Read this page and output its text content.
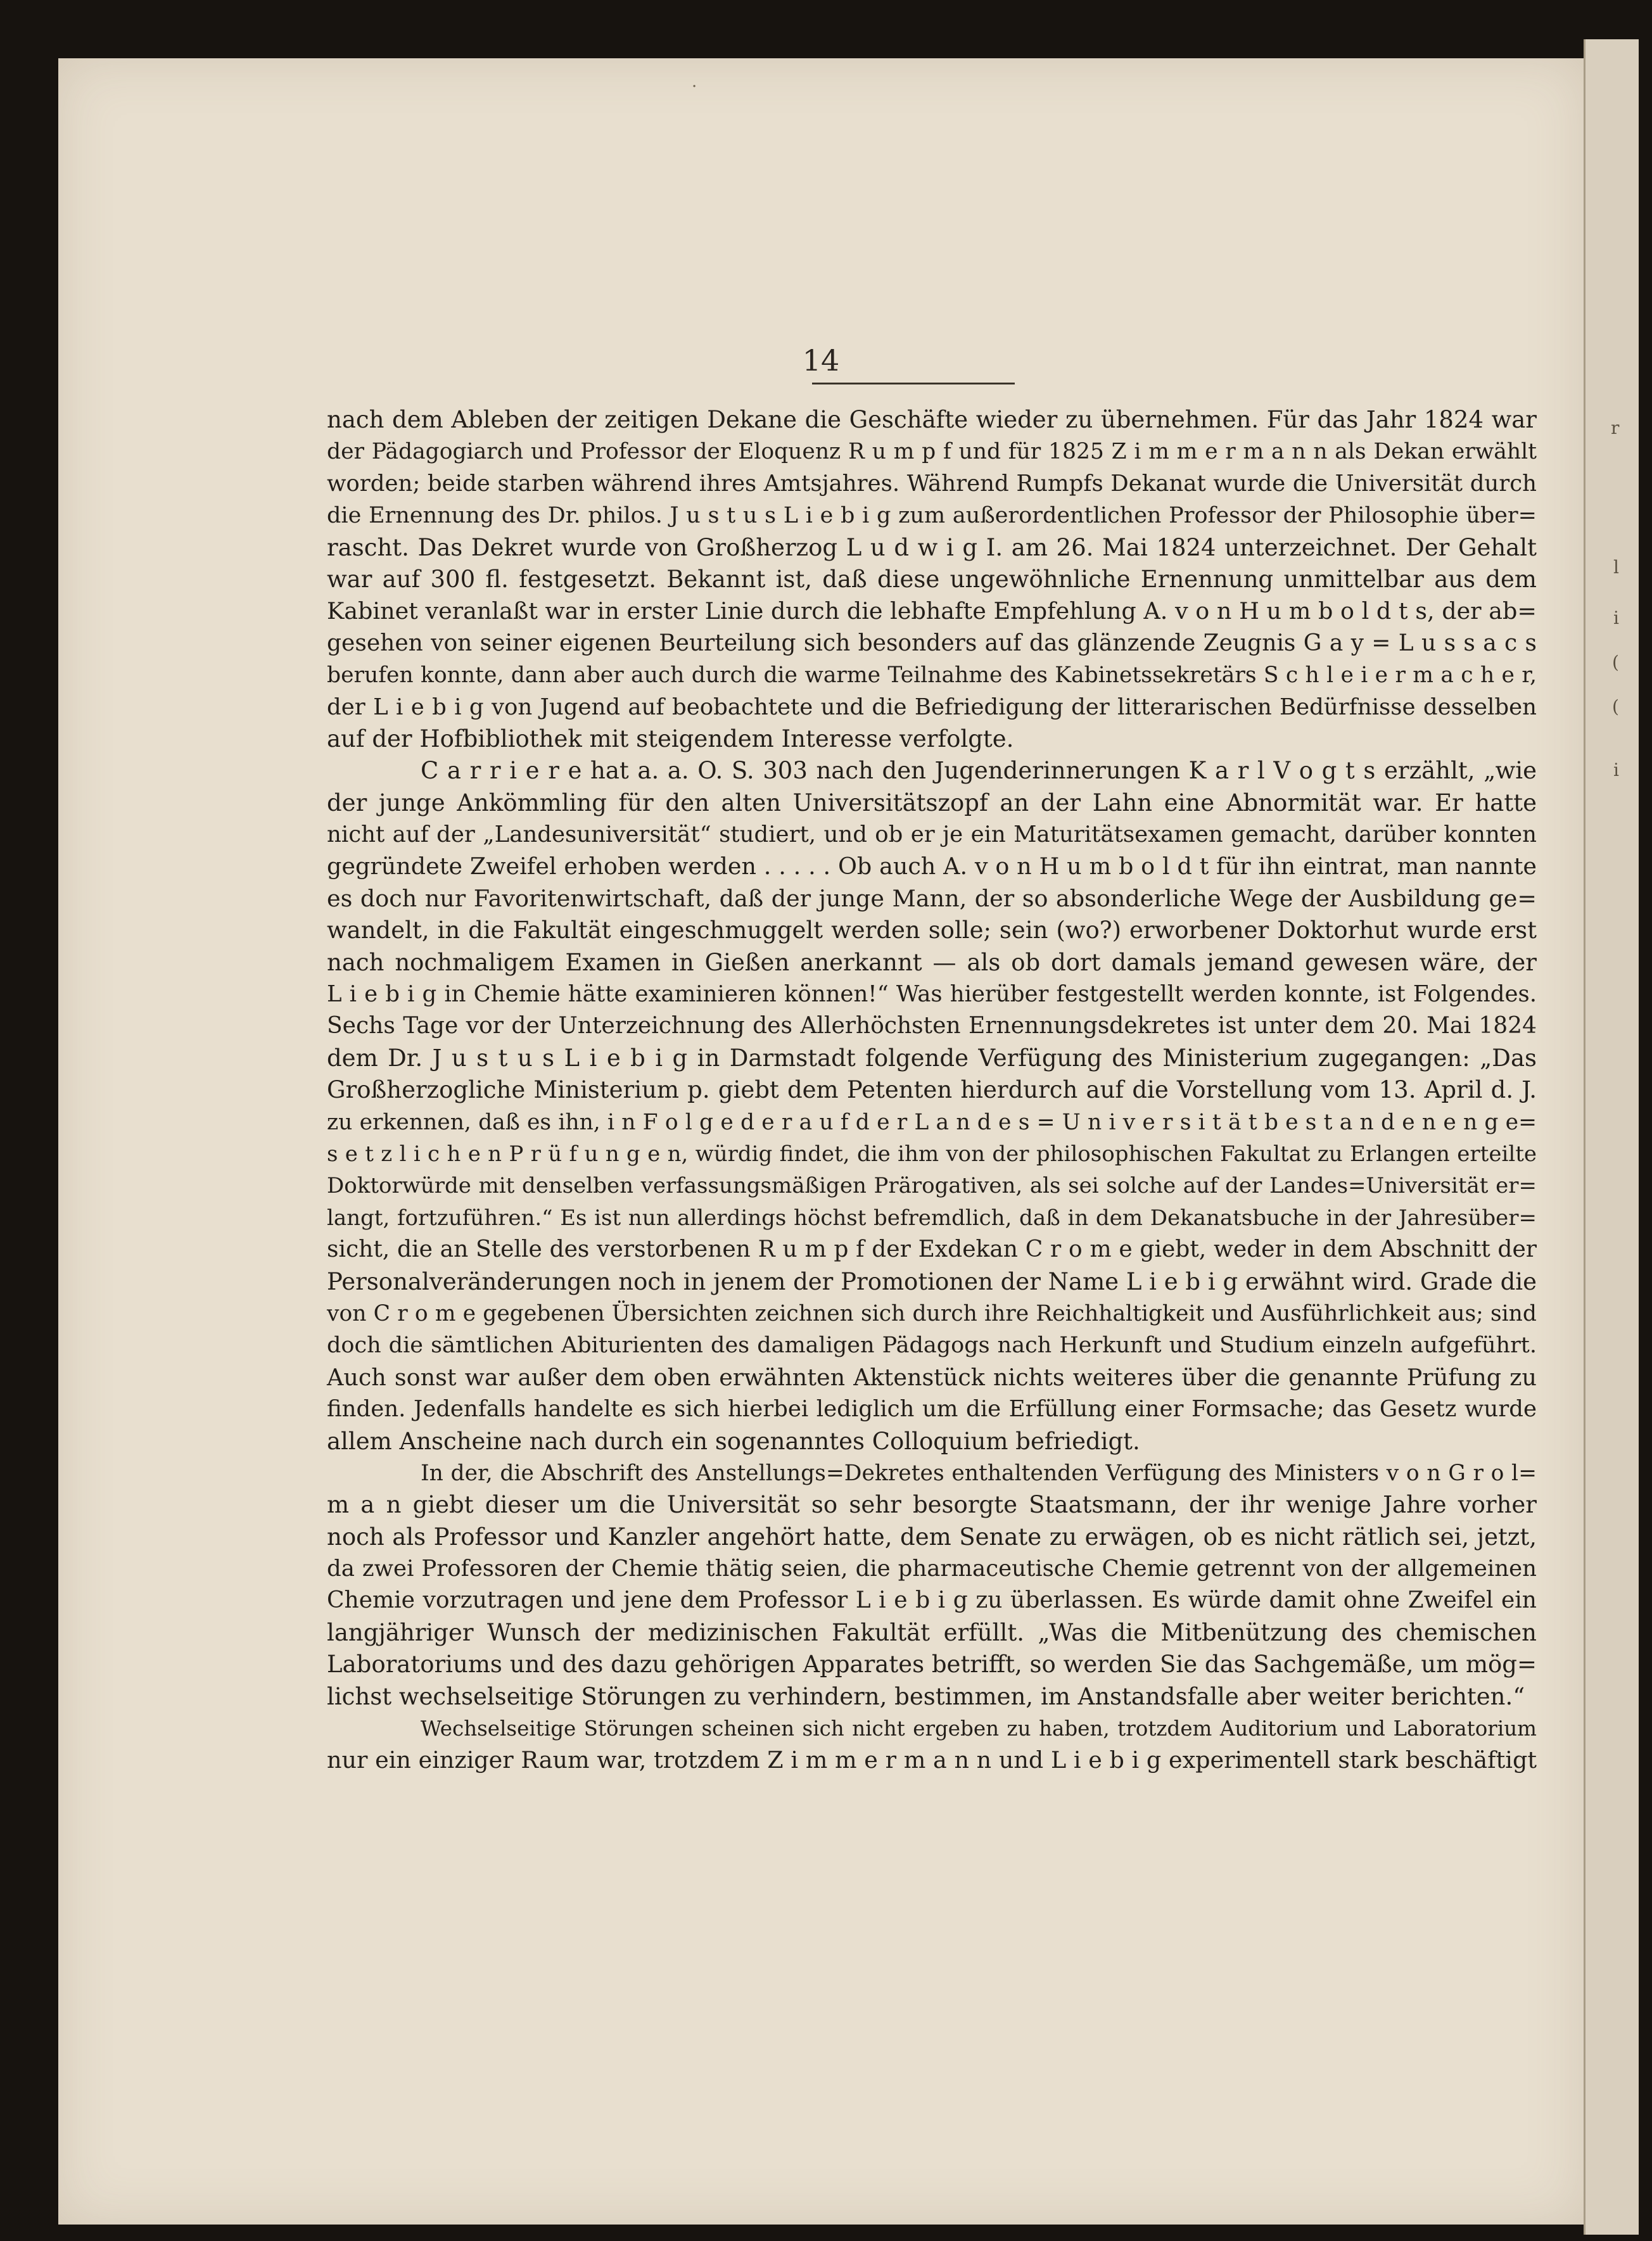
·
14
nach dem Ableben der zeitigen Dekane die Geschäfte wieder zu übernehmen. Für das Jahr 1824 war
der Pädagogiarch und Professor der Eloquenz R u m p f und für 1825 Z i m m e r m a n n als Dekan erwählt
worden; beide starben während ihres Amtsjahres. Während Rumpfs Dekanat wurde die Universität durch
die Ernennung des Dr. philos. J u s t u s L i e b i g zum außerordentlichen Professor der Philosophie über=
rascht. Das Dekret wurde von Großherzog L u d w i g I. am 26. Mai 1824 unterzeichnet. Der Gehalt
war auf 300 fl. festgesetzt. Bekannt ist, daß diese ungewöhnliche Ernennung unmittelbar aus dem
Kabinet veranlaßt war in erster Linie durch die lebhafte Empfehlung A. v o n H u m b o l d t s, der ab=
gesehen von seiner eigenen Beurteilung sich besonders auf das glänzende Zeugnis G a y = L u s s a c s
berufen konnte, dann aber auch durch die warme Teilnahme des Kabinetssekretärs S c h l e i e r m a c h e r,
der L i e b i g von Jugend auf beobachtete und die Befriedigung der litterarischen Bedürfnisse desselben
auf der Hofbibliothek mit steigendem Interesse verfolgte.
C a r r i e r e hat a. a. O. S. 303 nach den Jugenderinnerungen K a r l V o g t s erzählt, „wie
der junge Ankömmling für den alten Universitätszopf an der Lahn eine Abnormität war. Er hatte
nicht auf der „Landesuniversität“ studiert, und ob er je ein Maturitätsexamen gemacht, darüber konnten
gegründete Zweifel erhoben werden . . . . . Ob auch A. v o n H u m b o l d t für ihn eintrat, man nannte
es doch nur Favoritenwirtschaft, daß der junge Mann, der so absonderliche Wege der Ausbildung ge=
wandelt, in die Fakultät eingeschmuggelt werden solle; sein (wo?) erworbener Doktorhut wurde erst
nach nochmaligem Examen in Gießen anerkannt — als ob dort damals jemand gewesen wäre, der
L i e b i g in Chemie hätte examinieren können!“ Was hierüber festgestellt werden konnte, ist Folgendes.
Sechs Tage vor der Unterzeichnung des Allerhöchsten Ernennungsdekretes ist unter dem 20. Mai 1824
dem Dr. J u s t u s L i e b i g in Darmstadt folgende Verfügung des Ministerium zugegangen: „Das
Großherzogliche Ministerium p. giebt dem Petenten hierdurch auf die Vorstellung vom 13. April d. J.
zu erkennen, daß es ihn, i n F o l g e d e r a u f d e r L a n d e s = U n i v e r s i t ä t b e s t a n d e n e n g e=
s e t z l i c h e n P r ü f u n g e n, würdig findet, die ihm von der philosophischen Fakultat zu Erlangen erteilte
Doktorwürde mit denselben verfassungsmäßigen Prärogativen, als sei solche auf der Landes=Universität er=
langt, fortzuführen.“ Es ist nun allerdings höchst befremdlich, daß in dem Dekanatsbuche in der Jahresüber=
sicht, die an Stelle des verstorbenen R u m p f der Exdekan C r o m e giebt, weder in dem Abschnitt der
Personalveränderungen noch in jenem der Promotionen der Name L i e b i g erwähnt wird. Grade die
von C r o m e gegebenen Übersichten zeichnen sich durch ihre Reichhaltigkeit und Ausführlichkeit aus; sind
doch die sämtlichen Abiturienten des damaligen Pädagogs nach Herkunft und Studium einzeln aufgeführt.
Auch sonst war außer dem oben erwähnten Aktenstück nichts weiteres über die genannte Prüfung zu
finden. Jedenfalls handelte es sich hierbei lediglich um die Erfüllung einer Formsache; das Gesetz wurde
allem Anscheine nach durch ein sogenanntes Colloquium befriedigt.
In der, die Abschrift des Anstellungs=Dekretes enthaltenden Verfügung des Ministers v o n G r o l=
m a n giebt dieser um die Universität so sehr besorgte Staatsmann, der ihr wenige Jahre vorher
noch als Professor und Kanzler angehört hatte, dem Senate zu erwägen, ob es nicht rätlich sei, jetzt,
da zwei Professoren der Chemie thätig seien, die pharmaceutische Chemie getrennt von der allgemeinen
Chemie vorzutragen und jene dem Professor L i e b i g zu überlassen. Es würde damit ohne Zweifel ein
langjähriger Wunsch der medizinischen Fakultät erfüllt. „Was die Mitbenützung des chemischen
Laboratoriums und des dazu gehörigen Apparates betrifft, so werden Sie das Sachgemäße, um mög=
lichst wechselseitige Störungen zu verhindern, bestimmen, im Anstandsfalle aber weiter berichten.“
Wechselseitige Störungen scheinen sich nicht ergeben zu haben, trotzdem Auditorium und Laboratorium
nur ein einziger Raum war, trotzdem Z i m m e r m a n n und L i e b i g experimentell stark beschäftigt
r
l
i
(
(
i
